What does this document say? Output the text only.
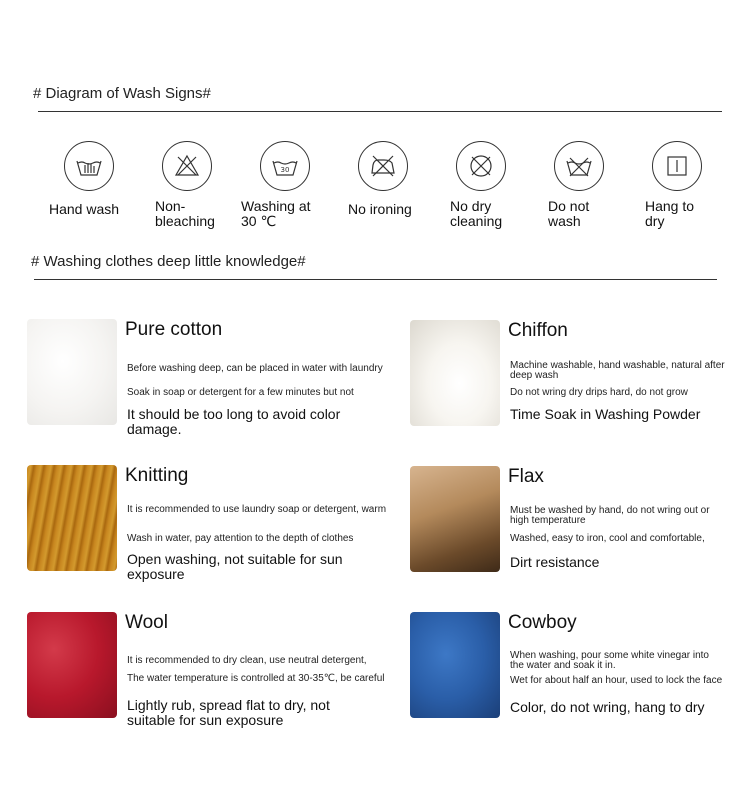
# Diagram of Wash Signs#
Hand wash	Non-
bleaching
30
Washing at
30 ℃
No ironing	No dry
cleaning
Do not
wash
Hang to
dry
# Washing clothes deep little knowledge#
Pure cotton
Before washing deep, can be placed in water with laundry
Soak in soap or detergent for a few minutes but not
It should be too long to avoid color damage.
Chiffon
Machine washable, hand washable, natural after deep wash
Do not wring dry drips hard, do not grow
Time Soak in Washing Powder
Knitting
It is recommended to use laundry soap or detergent, warm
Wash in water, pay attention to the depth of clothes
Open washing, not suitable for sun exposure
Flax
Must be washed by hand, do not wring out or high temperature
Washed, easy to iron, cool and comfortable,
Dirt resistance
Wool
It is recommended to dry clean, use neutral detergent,
The water temperature is controlled at 30-35℃, be careful
Lightly rub, spread flat to dry, not suitable for sun exposure
Cowboy
When washing, pour some white vinegar into the water and soak it in.
Wet for about half an hour, used to lock the face
Color, do not wring, hang to dry
